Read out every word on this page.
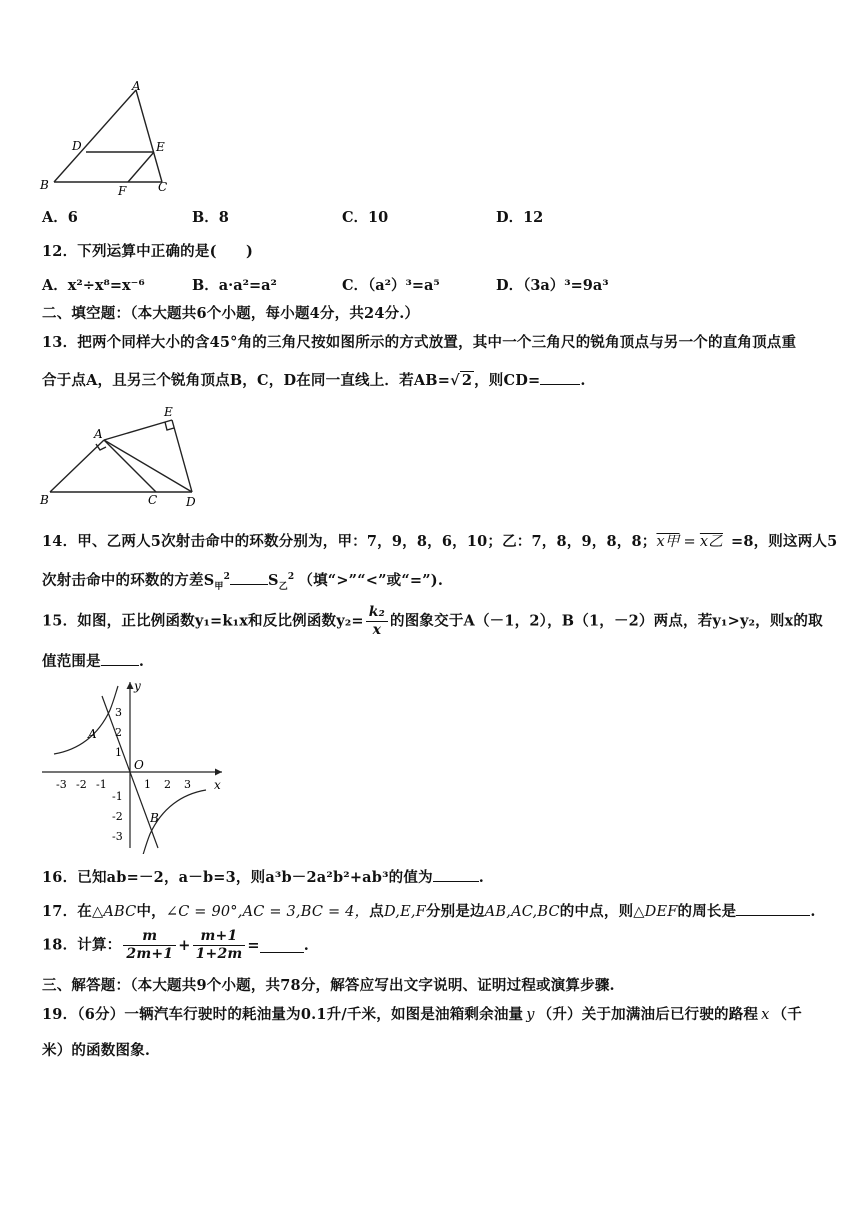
A
D	E
B	F	C
A．6	B．8	C．10	D．12
12．下列运算中正确的是(　　)
A．x²÷x⁸=x⁻⁶	B．a·a²=a²	C．（a²）³=a⁵	D．（3a）³=9a³
二、填空题：（本大题共6个小题，每小题4分，共24分.）
13．把两个同样大小的含45°角的三角尺按如图所示的方式放置，其中一个三角尺的锐角顶点与另一个的直角顶点重
合于点A，且另三个锐角顶点B，C，D在同一直线上．若AB=√ 2 ，则CD=	.
A
E
B	C D
14．甲、乙两人5次射击命中的环数分别为，甲：7，9，8，6，10；乙：7，8，9，8，8；x甲 = x乙 =8，则这两人5
次射击命中的环数的方差$S_甲^2$	$S_乙^2$ （填“>”“<”或“=”).
15．如图，正比例函数y₁=k₁x和反比例函数$y_2= \frac{\text{k₂}}{x}$ 的图象交于A（－1，2），B（1，－2）两点，若y₁>y₂，则x的取
值范围是	.
y
x
O
A
B
-3 -2 -1	1 2 3
3
2
1
-1
-2
-3
16．已知ab=－2，a－b=3，则a³b－2a²b²+ab³的值为	.
17．在△ABC中，∠C = 90°,AC = 3,BC = 4，点D,E,F分别是边AB,AC,BC的中点，则△DEF的周长是	.
18．计算： $\frac{m}{2m+1} + \frac{m+1}{1+2m}$ =	.
三、解答题：（本大题共9个小题，共78分，解答应写出文字说明、证明过程或演算步骤.
19．（6分）一辆汽车行驶时的耗油量为0.1升/千米，如图是油箱剩余油量 y （升）关于加满油后已行驶的路程 x （千
米）的函数图象.
